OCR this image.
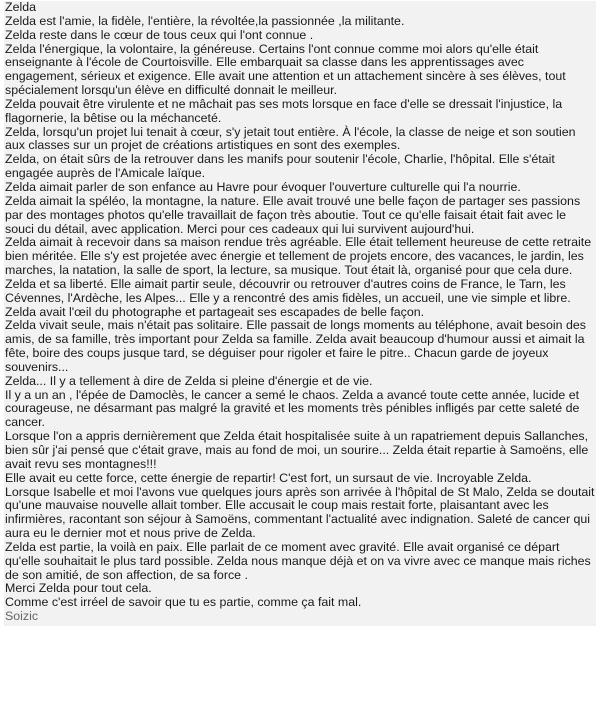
Zelda

Zelda est l'amie, la fidèle, l'entière, la révoltée,la passionnée ,la militante.

Zelda reste dans le cœur de tous ceux qui l'ont connue .

Zelda l'énergique, la volontaire, la généreuse. Certains l'ont connue comme moi alors qu'elle était enseignante à l'école de Courtoisville. Elle embarquait sa classe dans les apprentissages avec engagement, sérieux et exigence. Elle avait une attention et un attachement sincère à ses élèves, tout spécialement lorsqu'un élève en difficulté donnait le meilleur.

Zelda pouvait être virulente et ne mâchait pas ses mots lorsque en face d'elle se dressait l'injustice, la flagornerie, la bêtise ou la méchanceté.

Zelda, lorsqu'un projet lui tenait à cœur, s'y jetait tout entière. À l'école, la classe de neige et son soutien aux classes sur un projet de créations artistiques en sont des exemples.

Zelda, on était sûrs de la retrouver dans les manifs pour soutenir l'école, Charlie, l'hôpital. Elle s'était engagée auprès de l'Amicale laïque.

Zelda aimait parler de son enfance au Havre pour évoquer l'ouverture culturelle qui l'a nourrie.

Zelda aimait la spéléo, la montagne, la nature. Elle avait trouvé une belle façon de partager ses passions par des montages photos qu'elle travaillait de façon très aboutie. Tout ce qu'elle faisait était fait avec le souci du détail, avec application. Merci pour ces cadeaux qui lui survivent aujourd'hui.

Zelda aimait à recevoir dans sa maison rendue très agréable. Elle était tellement heureuse de cette retraite bien méritée. Elle s'y est projetée avec énergie et tellement de projets encore, des vacances, le jardin, les marches, la natation, la salle de sport, la lecture, sa musique. Tout était là, organisé pour que cela dure.

Zelda et sa liberté. Elle aimait partir seule, découvrir ou retrouver d'autres coins de France, le Tarn, les Cévennes, l'Ardèche, les Alpes... Elle y a rencontré des amis fidèles, un accueil, une vie simple et libre.

Zelda avait l'œil du photographe et partageait ses escapades de belle façon.

Zelda vivait seule, mais n'était pas solitaire. Elle passait de longs moments au téléphone, avait besoin des amis, de sa famille, très important pour Zelda sa famille. Zelda avait beaucoup d'humour aussi et aimait la fête, boire des coups jusque tard, se déguiser pour rigoler et faire le pitre.. Chacun garde de joyeux souvenirs...

Zelda... Il y a tellement à dire de Zelda si pleine d'énergie et de vie.

Il y a un an , l'épée de Damoclès, le cancer a semé le chaos. Zelda a avancé toute cette année, lucide et courageuse, ne désarmant pas malgré la gravité et les moments très pénibles infligés par cette saleté de cancer.

Lorsque l'on a appris dernièrement que Zelda était hospitalisée suite à un rapatriement depuis Sallanches, bien sûr j'ai pensé que c'était grave, mais au fond de moi, un sourire... Zelda était repartie à Samoëns, elle avait revu ses montagnes!!!

Elle avait eu cette force, cette énergie de repartir! C'est fort, un sursaut de vie. Incroyable Zelda.

Lorsque Isabelle et moi l'avons vue quelques jours après son arrivée à l'hôpital de St Malo, Zelda se doutait qu'une mauvaise nouvelle allait tomber. Elle accusait le coup mais restait forte, plaisantant avec les infirmières, racontant son séjour à Samoëns, commentant l'actualité avec indignation. Saleté de cancer qui aura eu le dernier mot et nous prive de Zelda.

Zelda est partie, la voilà en paix. Elle parlait de ce moment avec gravité. Elle avait organisé ce départ qu'elle souhaitait le plus tard possible. Zelda nous manque déjà et on va vivre avec ce manque mais riches de son amitié, de son affection, de sa force .

Merci Zelda pour tout cela.

Comme c'est irréel de savoir que tu es partie, comme ça fait mal.

Soizic
